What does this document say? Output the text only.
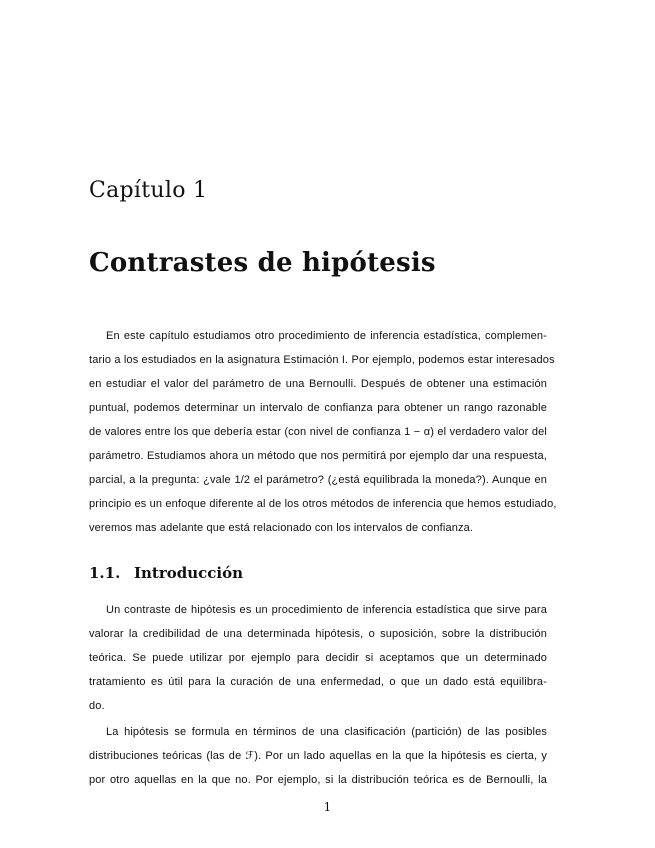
Capítulo 1
Contrastes de hipótesis
En este capítulo estudiamos otro procedimiento de inferencia estadística, complemen-
tario a los estudiados en la asignatura Estimación I. Por ejemplo, podemos estar interesados
en estudiar el valor del parámetro de una Bernoulli. Después de obtener una estimación
puntual, podemos determinar un intervalo de confianza para obtener un rango razonable
de valores entre los que debería estar (con nivel de confianza 1 − α) el verdadero valor del
parámetro. Estudiamos ahora un método que nos permitirá por ejemplo dar una respuesta,
parcial, a la pregunta: ¿vale 1/2 el parámetro? (¿está equilibrada la moneda?). Aunque en
principio es un enfoque diferente al de los otros métodos de inferencia que hemos estudiado,
veremos mas adelante que está relacionado con los intervalos de confianza.
1.1. Introducción
Un contraste de hipótesis es un procedimiento de inferencia estadística que sirve para
valorar la credibilidad de una determinada hipótesis, o suposición, sobre la distribución
teórica. Se puede utilizar por ejemplo para decidir si aceptamos que un determinado
tratamiento es útil para la curación de una enfermedad, o que un dado está equilibra-
do.
La hipótesis se formula en términos de una clasificación (partición) de las posibles
distribuciones teóricas (las de ℱ). Por un lado aquellas en la que la hipótesis es cierta, y
por otro aquellas en la que no. Por ejemplo, si la distribución teórica es de Bernoulli, la
1
